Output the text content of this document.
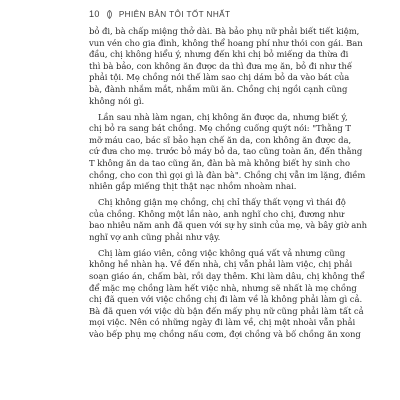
10 PHIÊN BẢN TÔI TỐT NHẤT
bỏ đi, bà chấp miệng thở dài. Bà bảo phụ nữ phải biết tiết kiệm,
vun vén cho gia đình, không thể hoang phí như thói con gái. Ban
đầu, chị không hiểu ý, nhưng đến khi chị bỏ miếng da thừa đi
thì bà bảo, con không ăn được da thì đưa mẹ ăn, bỏ đi như thế
phải tội. Mẹ chồng nói thế làm sao chị dám bỏ da vào bát của
bà, đành nhắm mắt, nhắm mũi ăn. Chồng chị ngồi cạnh cũng
không nói gì.
Lần sau nhà làm ngan, chị không ăn được da, nhưng biết ý,
chị bỏ ra sang bát chồng. Mẹ chồng cuống quýt nói: "Thằng T
mỡ máu cao, bác sĩ bảo hạn chế ăn da, con không ăn được da,
cứ đưa cho mẹ. trước bỏ máy bỏ da, tao cũng toàn ăn, đến thằng
T không ăn da tao cũng ăn, đàn bà mà không biết hy sinh cho
chồng, cho con thì gọi gì là đàn bà". Chồng chị vẫn im lặng, điềm
nhiên gắp miếng thịt thật nạc nhồm nhoàm nhai.
Chị không giận mẹ chồng, chị chỉ thấy thất vọng vì thái độ
của chồng. Không một lần nào, anh nghĩ cho chị, đương như
bao nhiêu năm anh đã quen với sự hy sinh của mẹ, và bây giờ anh
nghĩ vợ anh cũng phải như vậy.
Chị làm giáo viên, công việc không quá vất vả nhưng cũng
không hề nhàn hạ. Về đến nhà, chị vẫn phải làm việc, chị phải
soạn giáo án, chấm bài, rồi dạy thêm. Khi làm dâu, chị không thể
để mặc mẹ chồng làm hết việc nhà, nhưng sẽ nhất là mẹ chồng
chị đã quen với việc chồng chị đi làm về là không phải làm gì cả.
Bà đã quen với việc dù bận đến mấy phụ nữ cũng phải làm tất cả
mọi việc. Nên có những ngày đi làm về, chị mệt nhoài vẫn phải
vào bếp phụ mẹ chồng nấu cơm, đợi chồng và bố chồng ăn xong
